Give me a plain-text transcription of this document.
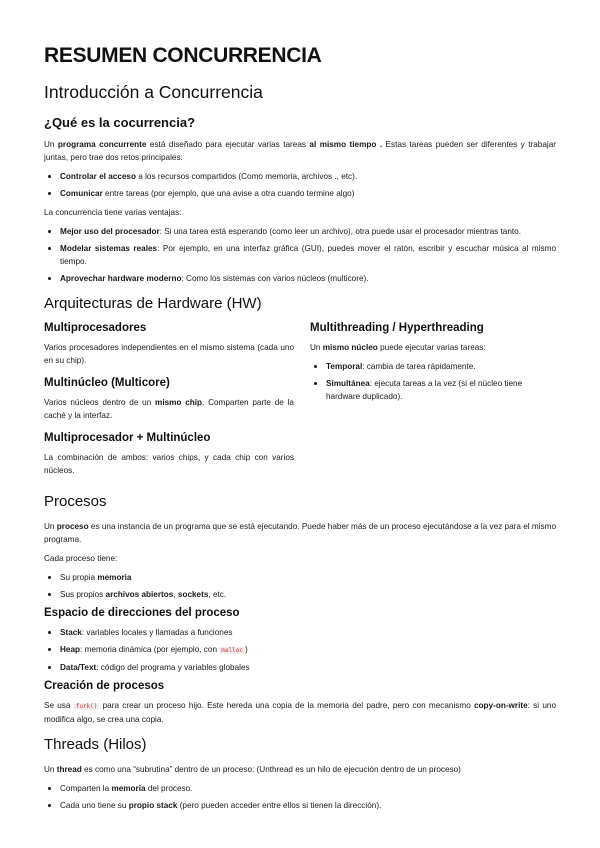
RESUMEN CONCURRENCIA
Introducción a Concurrencia
¿Qué es la cocurrencia?

Un programa concurrente está diseñado para ejecutar varias tareas al mismo tiempo . Estas tareas pueden ser diferentes y trabajar juntas, pero trae dos retos principales:

• Controlar el acceso a los recursos compartidos (Como memoria, archivos ., etc).
• Comunicar entre tareas (por ejemplo, que una avise a otra cuando termine algo)

La concurrencia tiene varias ventajas:

• Mejor uso del procesador: Si una tarea está esperando (como leer un archivo), otra puede usar el procesador mientras tanto.
• Modelar sistemas reales: Por ejemplo, en una interfaz gráfica (GUI), puedes mover el ratón, escribir y escuchar música al mismo tiempo.
• Aprovechar hardware moderno: Como los sistemas con varios núcleos (multicore).
Arquitecturas de Hardware (HW)
Multiprocesadores

Varios procesadores independientes en el mismo sistema (cada uno en su chip).

Multinúcleo (Multicore)

Varios núcleos dentro de un mismo chip. Comparten parte de la caché y la interfaz.

Multiprocesador + Multinúcleo

La combinación de ambos: varios chips, y cada chip con varios núcleos.

Multithreading / Hyperthreading

Un mismo núcleo puede ejecutar varias tareas:

• Temporal: cambia de tarea rápidamente.
• Simultánea: ejecuta tareas a la vez (si el núcleo tiene hardware duplicado).
Procesos

Un proceso es una instancia de un programa que se está ejecutando. Puede haber más de un proceso ejecutándose a la vez para el mismo programa.

Cada proceso tiene:

• Su propia memoria
• Sus propios archivos abiertos, sockets, etc.
Espacio de direcciones del proceso
• Stack: variables locales y llamadas a funciones
• Heap: memoria dinámica (por ejemplo, con malloc )
• Data/Text: código del programa y variables globales
Creación de procesos

Se usa fork() para crear un proceso hijo. Este hereda una copia de la memoria del padre, pero con mecanismo copy-on-write: si uno modifica algo, se crea una copia.

Threads (Hilos)

Un thread es como una “subrutina” dentro de un proceso: (Unthread es un hilo de ejecución dentro de un proceso)

• Comparten la memoria del proceso.
• Cada uno tiene su propio stack (pero pueden acceder entre ellos si tienen la dirección).
